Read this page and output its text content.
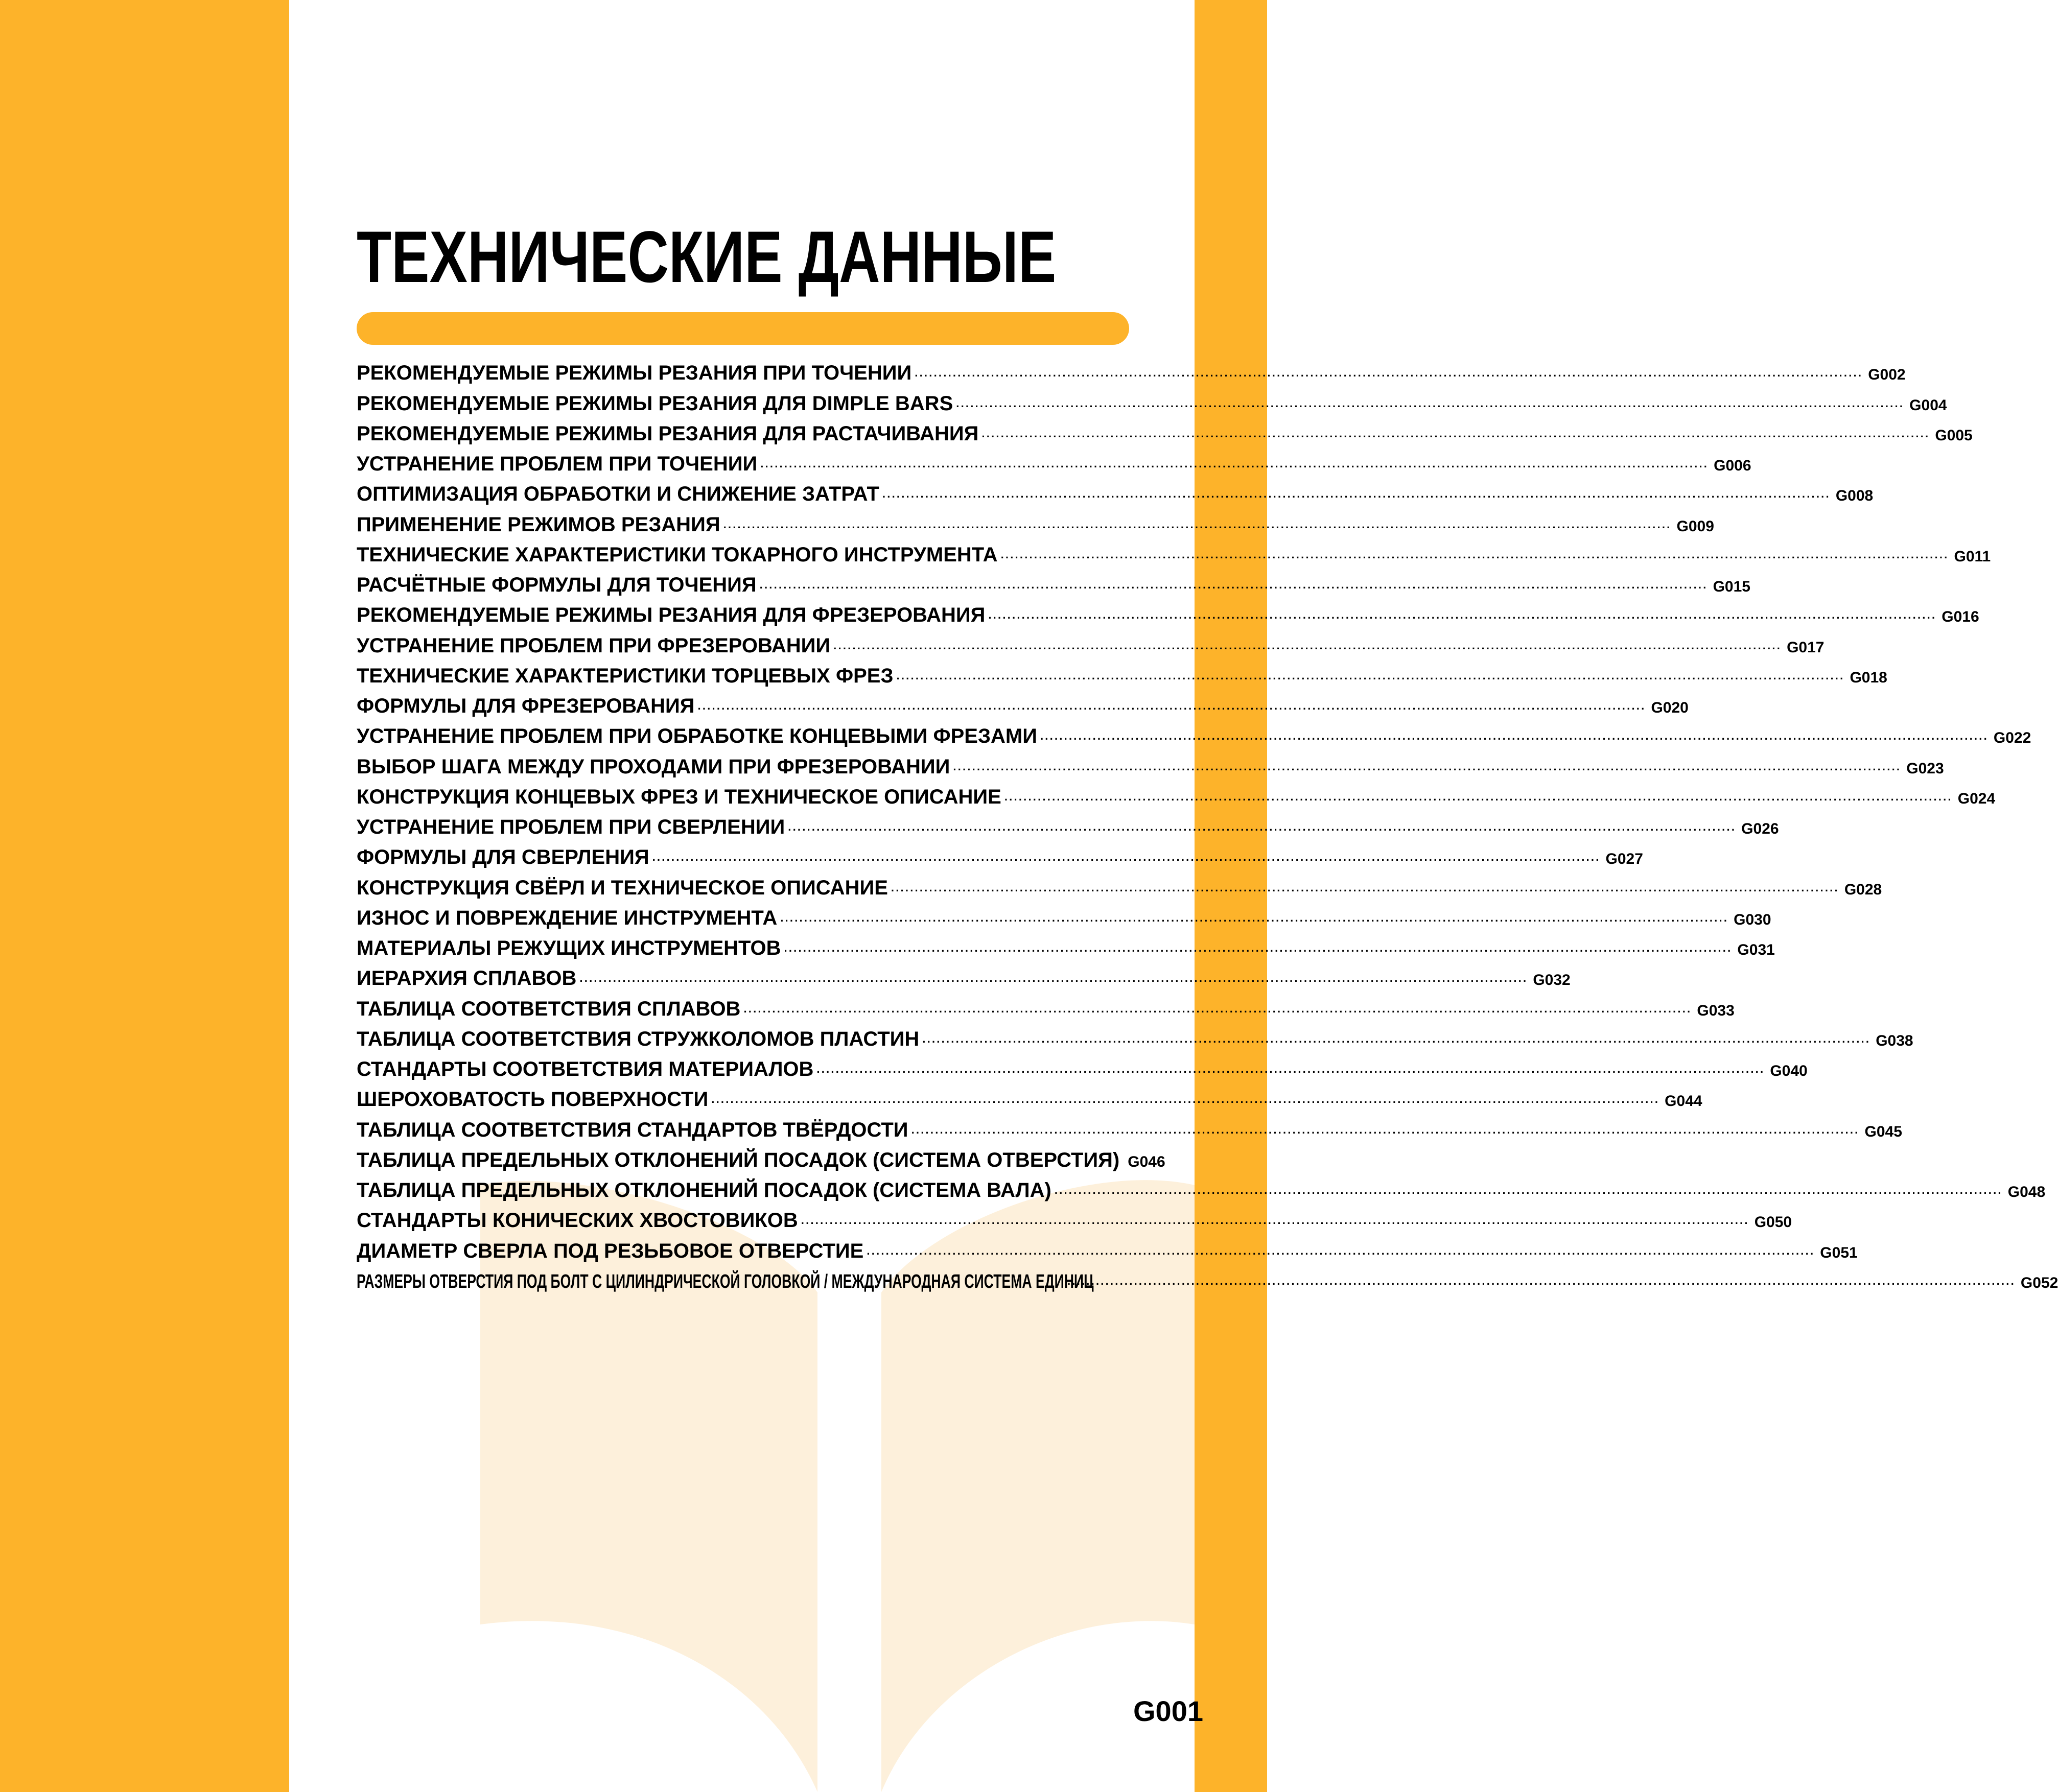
ТЕХНИЧЕСКИЕ ДАННЫЕ
РЕКОМЕНДУЕМЫЕ РЕЖИМЫ РЕЗАНИЯ ПРИ ТОЧЕНИИ ······································································································································································································· G002
РЕКОМЕНДУЕМЫЕ РЕЖИМЫ РЕЗАНИЯ ДЛЯ DIMPLE BARS ······································································································································································································· G004
РЕКОМЕНДУЕМЫЕ РЕЖИМЫ РЕЗАНИЯ ДЛЯ РАСТАЧИВАНИЯ ······································································································································································································· G005
УСТРАНЕНИЕ ПРОБЛЕМ ПРИ ТОЧЕНИИ ······································································································································································································· G006
ОПТИМИЗАЦИЯ ОБРАБОТКИ И СНИЖЕНИЕ ЗАТРАТ ······································································································································································································· G008
ПРИМЕНЕНИЕ РЕЖИМОВ РЕЗАНИЯ ······································································································································································································· G009
ТЕХНИЧЕСКИЕ ХАРАКТЕРИСТИКИ ТОКАРНОГО ИНСТРУМЕНТА ······································································································································································································· G011
РАСЧЁТНЫЕ ФОРМУЛЫ ДЛЯ ТОЧЕНИЯ ······································································································································································································· G015
РЕКОМЕНДУЕМЫЕ РЕЖИМЫ РЕЗАНИЯ ДЛЯ ФРЕЗЕРОВАНИЯ ······································································································································································································· G016
УСТРАНЕНИЕ ПРОБЛЕМ ПРИ ФРЕЗЕРОВАНИИ ······································································································································································································· G017
ТЕХНИЧЕСКИЕ ХАРАКТЕРИСТИКИ ТОРЦЕВЫХ ФРЕЗ ······································································································································································································· G018
ФОРМУЛЫ ДЛЯ ФРЕЗЕРОВАНИЯ ······································································································································································································· G020
УСТРАНЕНИЕ ПРОБЛЕМ ПРИ ОБРАБОТКЕ КОНЦЕВЫМИ ФРЕЗАМИ ······································································································································································································· G022
ВЫБОР ШАГА МЕЖДУ ПРОХОДАМИ ПРИ ФРЕЗЕРОВАНИИ ······································································································································································································· G023
КОНСТРУКЦИЯ КОНЦЕВЫХ ФРЕЗ И ТЕХНИЧЕСКОЕ ОПИСАНИЕ ······································································································································································································· G024
УСТРАНЕНИЕ ПРОБЛЕМ ПРИ СВЕРЛЕНИИ ······································································································································································································· G026
ФОРМУЛЫ ДЛЯ СВЕРЛЕНИЯ ······································································································································································································· G027
КОНСТРУКЦИЯ СВЁРЛ И ТЕХНИЧЕСКОЕ ОПИСАНИЕ ······································································································································································································· G028
ИЗНОС И ПОВРЕЖДЕНИЕ ИНСТРУМЕНТА ······································································································································································································· G030
МАТЕРИАЛЫ РЕЖУЩИХ ИНСТРУМЕНТОВ ······································································································································································································· G031
ИЕРАРХИЯ СПЛАВОВ ······································································································································································································· G032
ТАБЛИЦА СООТВЕТСТВИЯ СПЛАВОВ ······································································································································································································· G033
ТАБЛИЦА СООТВЕТСТВИЯ СТРУЖКОЛОМОВ ПЛАСТИН ······································································································································································································· G038
СТАНДАРТЫ СООТВЕТСТВИЯ МАТЕРИАЛОВ ······································································································································································································· G040
ШЕРОХОВАТОСТЬ ПОВЕРХНОСТИ ······································································································································································································· G044
ТАБЛИЦА СООТВЕТСТВИЯ СТАНДАРТОВ ТВЁРДОСТИ ······································································································································································································· G045
ТАБЛИЦА ПРЕДЕЛЬНЫХ ОТКЛОНЕНИЙ ПОСАДОК (СИСТЕМА ОТВЕРСТИЯ) G046
ТАБЛИЦА ПРЕДЕЛЬНЫХ ОТКЛОНЕНИЙ ПОСАДОК (СИСТЕМА ВАЛА) ······································································································································································································· G048
СТАНДАРТЫ КОНИЧЕСКИХ ХВОСТОВИКОВ ······································································································································································································· G050
ДИАМЕТР СВЕРЛА ПОД РЕЗЬБОВОЕ ОТВЕРСТИЕ ······································································································································································································· G051
РАЗМЕРЫ ОТВЕРСТИЯ ПОД БОЛТ С ЦИЛИНДРИЧЕСКОЙ ГОЛОВКОЙ / МЕЖДУНАРОДНАЯ СИСТЕМА ЕДИНИЦ
······································································································································································································· G052

G001
